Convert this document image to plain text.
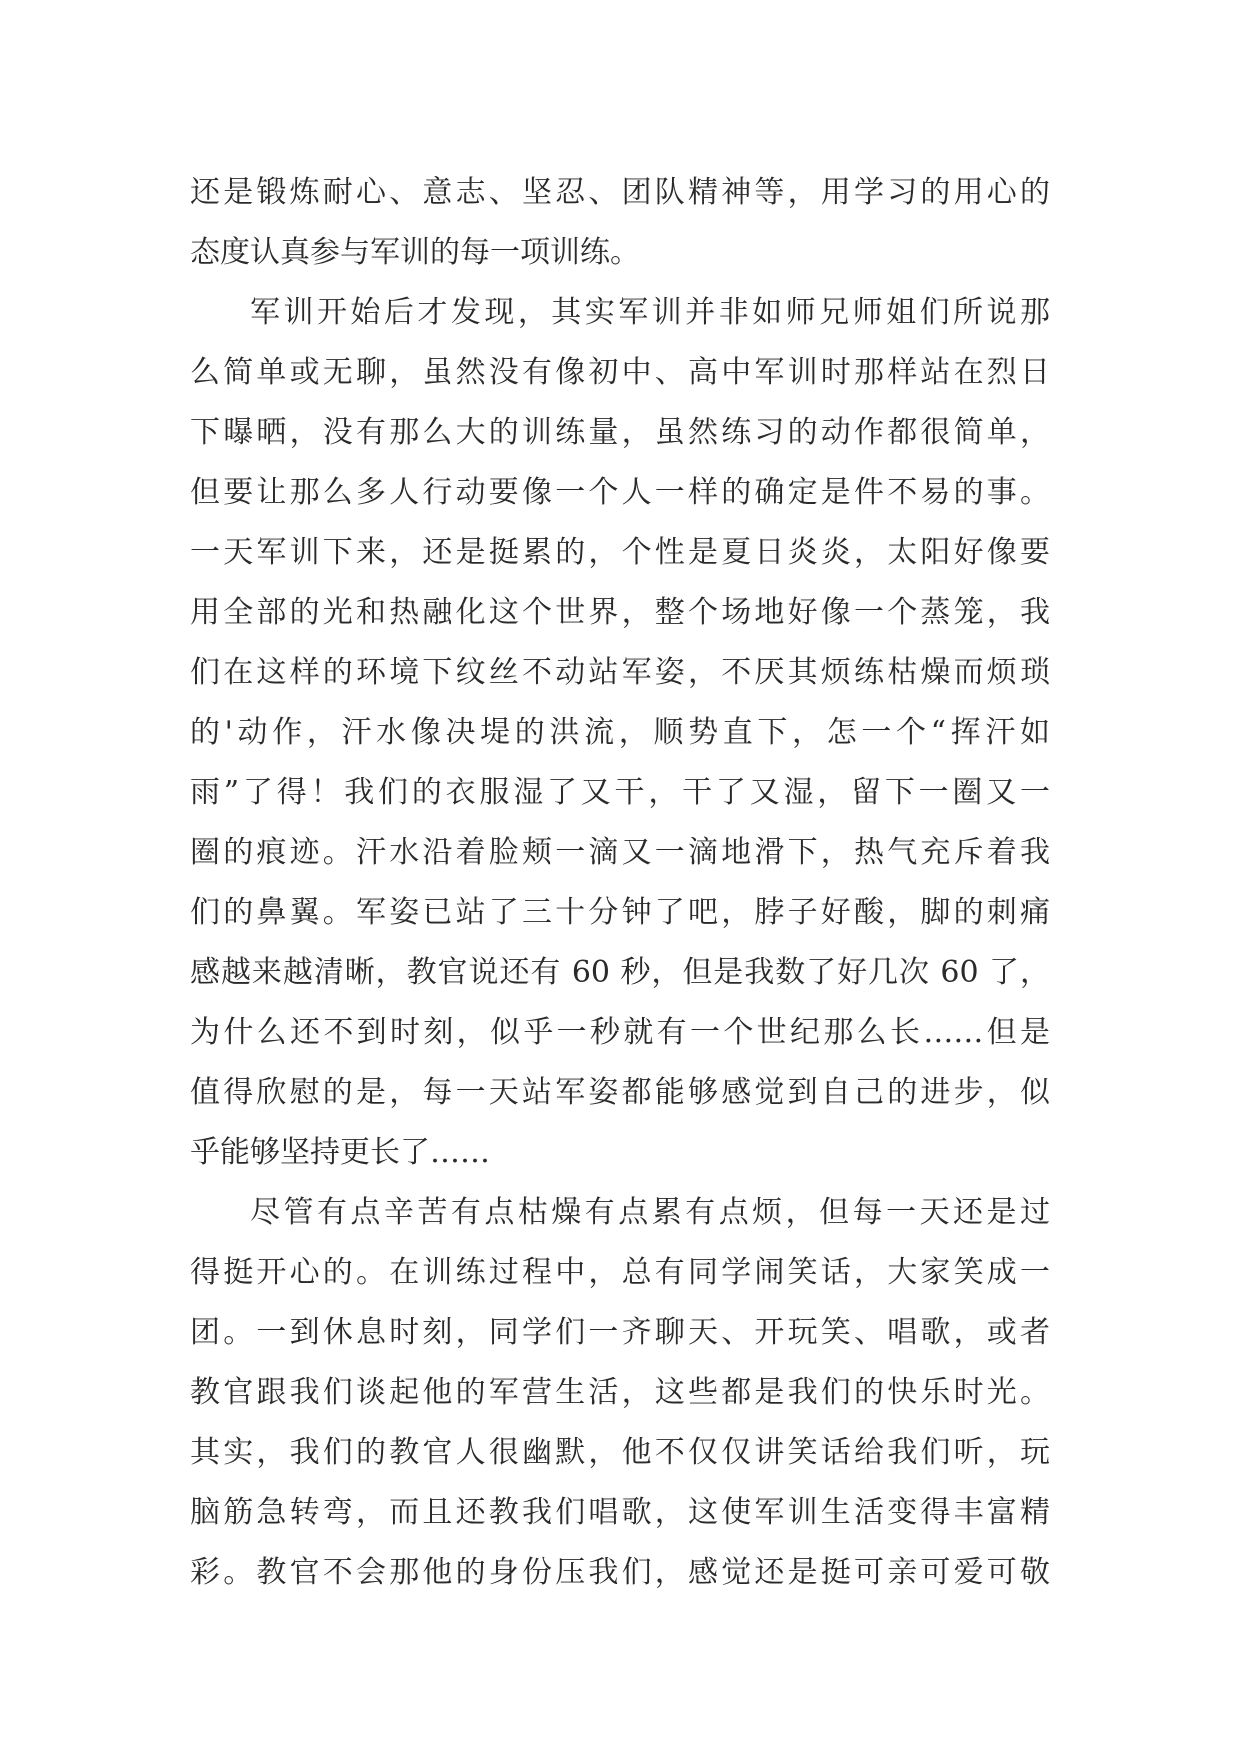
还是锻炼耐心、意志、坚忍、团队精神等，用学习的用心的
态度认真参与军训的每一项训练。
军训开始后才发现，其实军训并非如师兄师姐们所说那
么简单或无聊，虽然没有像初中、高中军训时那样站在烈日
下曝晒，没有那么大的训练量，虽然练习的动作都很简单，
但要让那么多人行动要像一个人一样的确定是件不易的事。
一天军训下来，还是挺累的，个性是夏日炎炎，太阳好像要
用全部的光和热融化这个世界，整个场地好像一个蒸笼，我
们在这样的环境下纹丝不动站军姿，不厌其烦练枯燥而烦琐
的'动作，汗水像决堤的洪流，顺势直下，怎一个“挥汗如
雨”了得！我们的衣服湿了又干，干了又湿，留下一圈又一
圈的痕迹。汗水沿着脸颊一滴又一滴地滑下，热气充斥着我
们的鼻翼。军姿已站了三十分钟了吧，脖子好酸，脚的刺痛
感越来越清晰，教官说还有 60 秒，但是我数了好几次 60 了，
为什么还不到时刻，似乎一秒就有一个世纪那么长……但是
值得欣慰的是，每一天站军姿都能够感觉到自己的进步，似
乎能够坚持更长了……
尽管有点辛苦有点枯燥有点累有点烦，但每一天还是过
得挺开心的。在训练过程中，总有同学闹笑话，大家笑成一
团。一到休息时刻，同学们一齐聊天、开玩笑、唱歌，或者
教官跟我们谈起他的军营生活，这些都是我们的快乐时光。
其实，我们的教官人很幽默，他不仅仅讲笑话给我们听，玩
脑筋急转弯，而且还教我们唱歌，这使军训生活变得丰富精
彩。教官不会那他的身份压我们，感觉还是挺可亲可爱可敬
